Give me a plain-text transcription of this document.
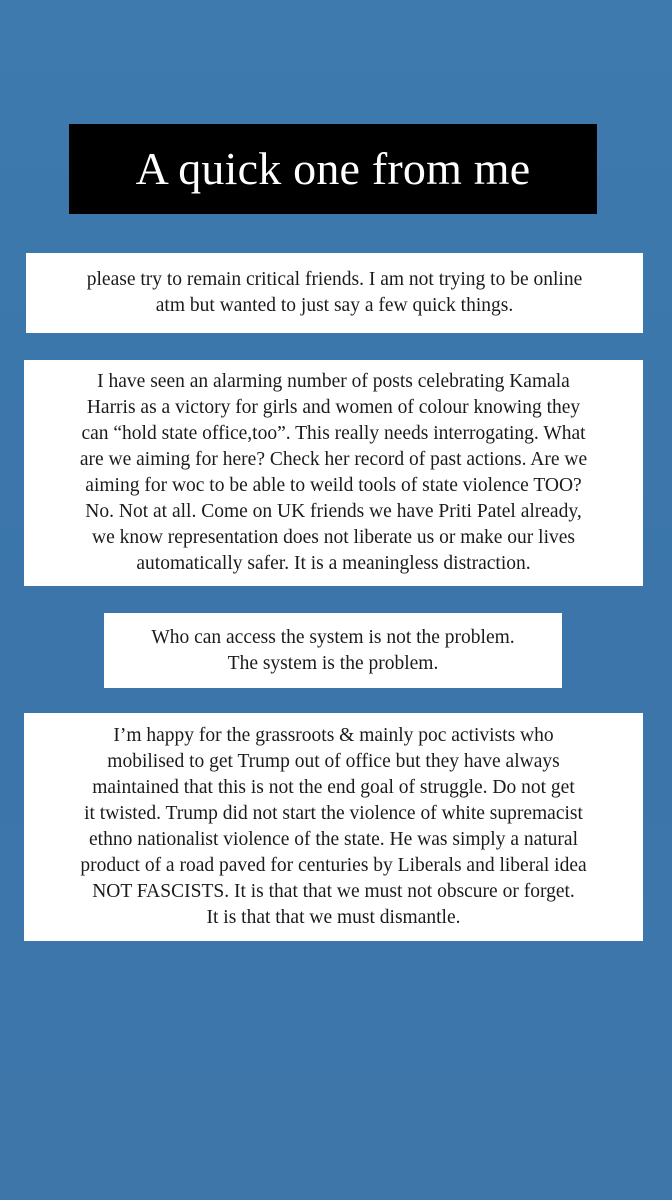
A quick one from me
please try to remain critical friends. I am not trying to be online
atm but wanted to just say a few quick things.
I have seen an alarming number of posts celebrating Kamala
Harris as a victory for girls and women of colour knowing they
can “hold state office,too”. This really needs interrogating. What
are we aiming for here? Check her record of past actions. Are we
aiming for woc to be able to weild tools of state violence TOO?
No. Not at all. Come on UK friends we have Priti Patel already,
we know representation does not liberate us or make our lives
automatically safer. It is a meaningless distraction.
Who can access the system is not the problem.
The system is the problem.
I’m happy for the grassroots & mainly poc activists who
mobilised to get Trump out of office but they have always
maintained that this is not the end goal of struggle. Do not get
it twisted. Trump did not start the violence of white supremacist
ethno nationalist violence of the state. He was simply a natural
product of a road paved for centuries by Liberals and liberal idea
NOT FASCISTS. It is that that we must not obscure or forget.
It is that that we must dismantle.
